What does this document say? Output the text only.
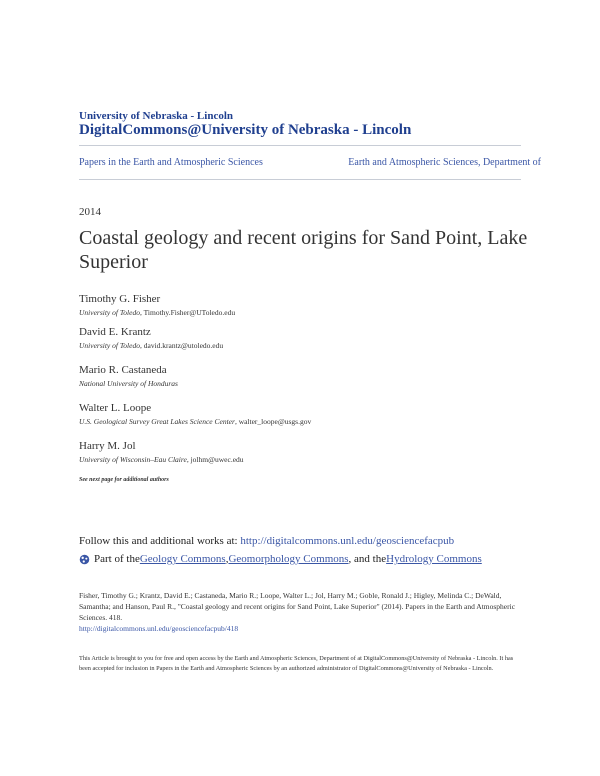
University of Nebraska - Lincoln
DigitalCommons@University of Nebraska - Lincoln
Papers in the Earth and Atmospheric Sciences	Earth and Atmospheric Sciences, Department of
2014
Coastal geology and recent origins for Sand Point, Lake Superior
Timothy G. Fisher
University of Toledo, Timothy.Fisher@UToledo.edu
David E. Krantz
University of Toledo, david.krantz@utoledo.edu
Mario R. Castaneda
National University of Honduras
Walter L. Loope
U.S. Geological Survey Great Lakes Science Center, walter_loope@usgs.gov
Harry M. Jol
University of Wisconsin–Eau Claire, jolhm@uwec.edu
See next page for additional authors
Follow this and additional works at: http://digitalcommons.unl.edu/geosciencefacpub
Part of the Geology Commons , Geomorphology Commons , and the Hydrology Commons
Fisher, Timothy G.; Krantz, David E.; Castaneda, Mario R.; Loope, Walter L.; Jol, Harry M.; Goble, Ronald J.; Higley, Melinda C.; DeWald, Samantha; and Hanson, Paul R., "Coastal geology and recent origins for Sand Point, Lake Superior" (2014). Papers in the Earth and Atmospheric Sciences. 418.
http://digitalcommons.unl.edu/geosciencefacpub/418
This Article is brought to you for free and open access by the Earth and Atmospheric Sciences, Department of at DigitalCommons@University of Nebraska - Lincoln. It has been accepted for inclusion in Papers in the Earth and Atmospheric Sciences by an authorized administrator of DigitalCommons@University of Nebraska - Lincoln.
